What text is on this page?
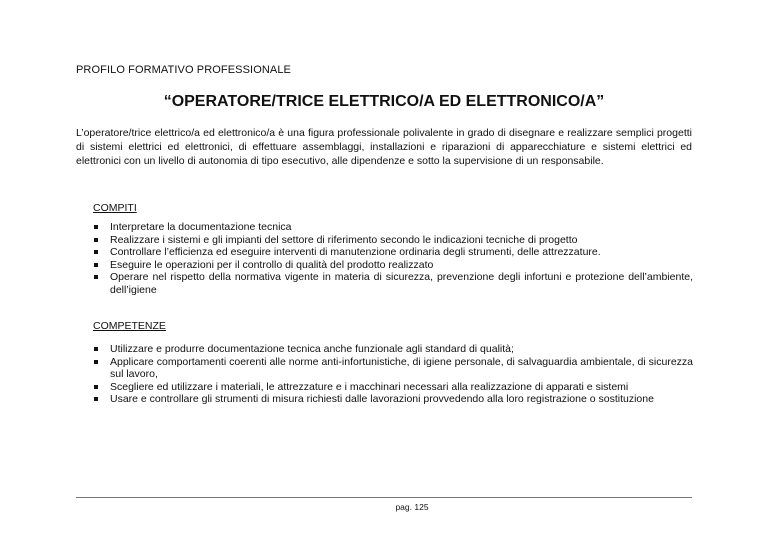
PROFILO FORMATIVO PROFESSIONALE
“OPERATORE/TRICE ELETTRICO/A ED ELETTRONICO/A”
L’operatore/trice elettrico/a ed elettronico/a è una figura professionale polivalente in grado di disegnare e realizzare semplici progetti di sistemi elettrici ed elettronici, di effettuare assemblaggi, installazioni e riparazioni di apparecchiature e sistemi elettrici ed elettronici con un livello di autonomia di tipo esecutivo, alle dipendenze e sotto la supervisione di un responsabile.
COMPITI
Interpretare la documentazione tecnica
Realizzare i sistemi e gli impianti del settore di riferimento secondo le indicazioni tecniche di progetto
Controllare l’efficienza ed eseguire interventi di manutenzione ordinaria degli strumenti, delle attrezzature.
Eseguire le operazioni per il controllo di qualità del prodotto realizzato
Operare nel rispetto della normativa vigente in materia di sicurezza, prevenzione degli infortuni e protezione dell’ambiente, dell’igiene
COMPETENZE
Utilizzare e produrre documentazione tecnica anche funzionale agli standard di qualità;
Applicare comportamenti coerenti alle norme anti-infortunistiche, di igiene personale, di salvaguardia ambientale, di sicurezza sul lavoro,
Scegliere ed utilizzare i materiali, le attrezzature e i macchinari necessari alla realizzazione di apparati e sistemi
Usare e controllare gli strumenti di misura richiesti dalle lavorazioni provvedendo alla loro registrazione o sostituzione
pag. 125
